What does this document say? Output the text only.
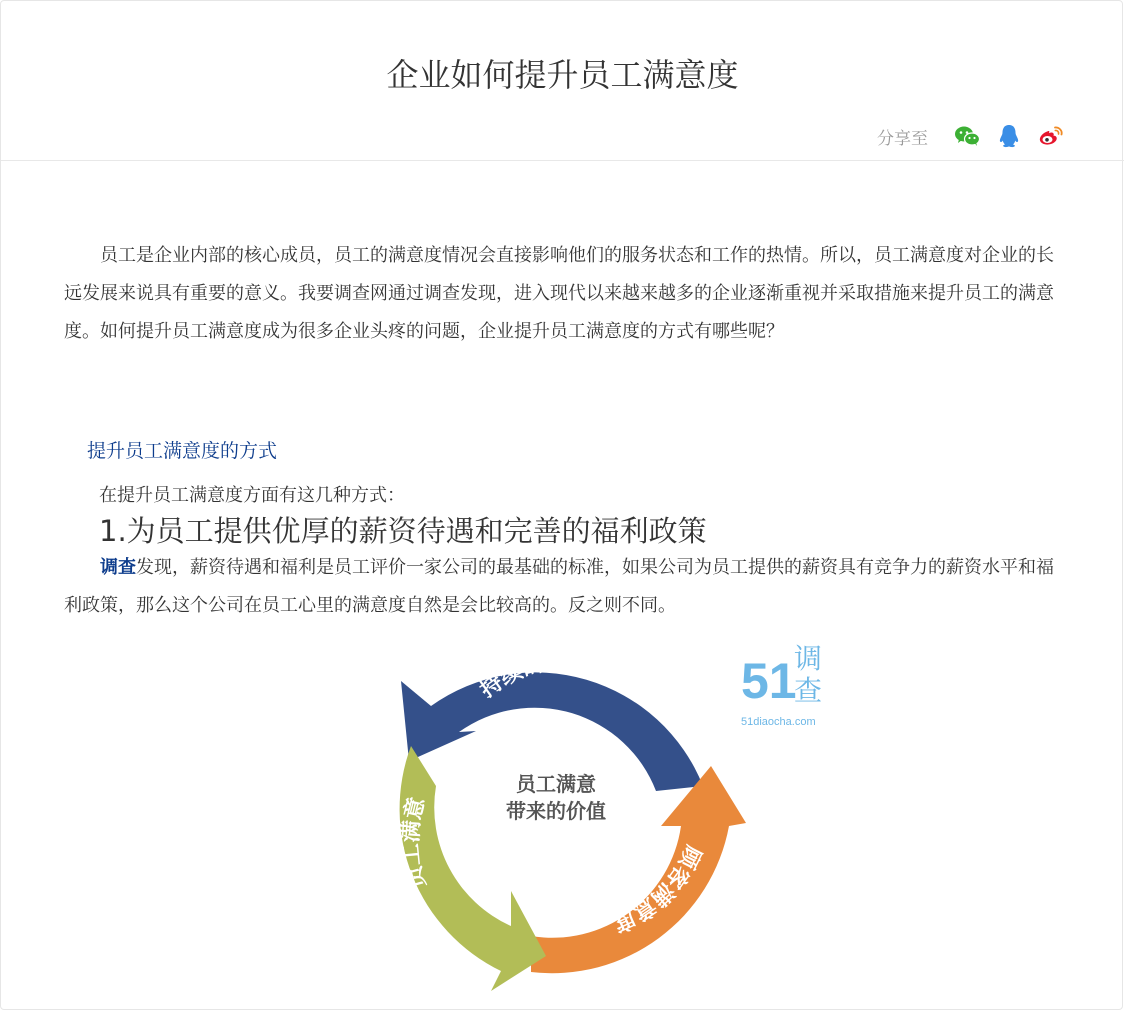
企业如何提升员工满意度
分享至

员工是企业内部的核心成员，员工的满意度情况会直接影响他们的服务状态和工作的热情。所以，员工满意度对企业的长远发展来说具有重要的意义。我要调查网通过调查发现，进入现代以来越来越多的企业逐渐重视并采取措施来提升员工的满意度。如何提升员工满意度成为很多企业头疼的问题，企业提升员工满意度的方式有哪些呢？

提升员工满意度的方式
在提升员工满意度方面有这几种方式：
1.为员工提供优厚的薪资待遇和完善的福利政策

调查发现，薪资待遇和福利是员工评价一家公司的最基础的标准，如果公司为员工提供的薪资具有竞争力的薪资水平和福利政策，那么这个公司在员工心里的满意度自然是会比较高的。反之则不同。

持续的利润增长
顾客满意度
员工满意
员工满意
带来的价值
51
调
查
51diaocha.com
